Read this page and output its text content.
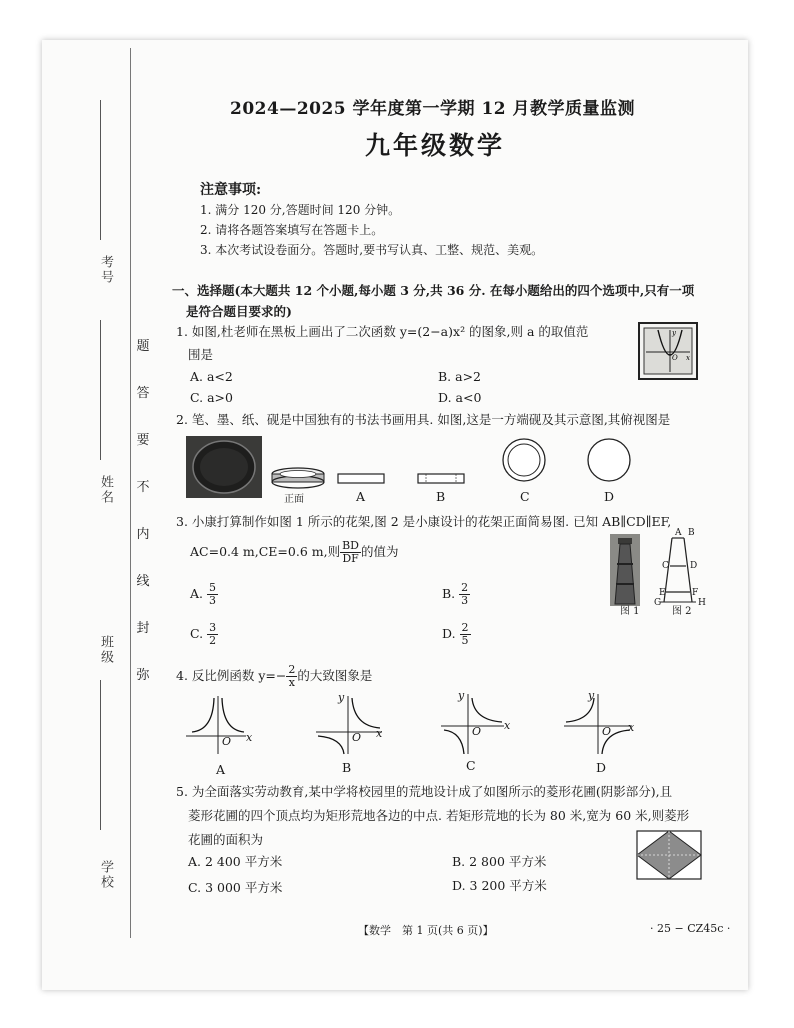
考号
姓名
班级
学校
题
答
要
不
内
线
封
弥
2024—2025 学年度第一学期 12 月教学质量监测
九年级数学
注意事项:
1. 满分 120 分,答题时间 120 分钟。
2. 请将各题答案填写在答题卡上。
3. 本次考试设卷面分。答题时,要书写认真、工整、规范、美观。
一、选择题(本大题共 12 个小题,每小题 3 分,共 36 分. 在每小题给出的四个选项中,只有一项
是符合题目要求的)
1. 如图,杜老师在黑板上画出了二次函数 y=(2−a)x² 的图象,则 a 的取值范
围是
A. a<2	B. a>2
C. a>0	D. a<0
y
x
O
2. 笔、墨、纸、砚是中国独有的书法书画用具. 如图,这是一方端砚及其示意图,其俯视图是
正面	A	B	C	D
3. 小康打算制作如图 1 所示的花架,图 2 是小康设计的花架正面简易图. 已知 AB∥CD∥EF,
AC=0.4 m,CE=0.6 m,则 $\frac{BD}{DF}$ 的值为
A. $\frac{5}{3}$	B. $\frac{2}{3}$
C. $\frac{3}{2}$	D. $\frac{2}{5}$
A B
C D
E	F
G	H
图 1	图 2
4. 反比例函数 $y=- \frac{2}{x}$ 的大致图象是
O x
y
O x
y
O x
y
O x
A	B	C	D
5. 为全面落实劳动教育,某中学将校园里的荒地设计成了如图所示的菱形花圃(阴影部分),且
菱形花圃的四个顶点均为矩形荒地各边的中点. 若矩形荒地的长为 80 米,宽为 60 米,则菱形
花圃的面积为
A. 2 400 平方米	B. 2 800 平方米
C. 3 000 平方米	D. 3 200 平方米
【数学　第 1 页(共 6 页)】	· 25 − CZ45c ·
